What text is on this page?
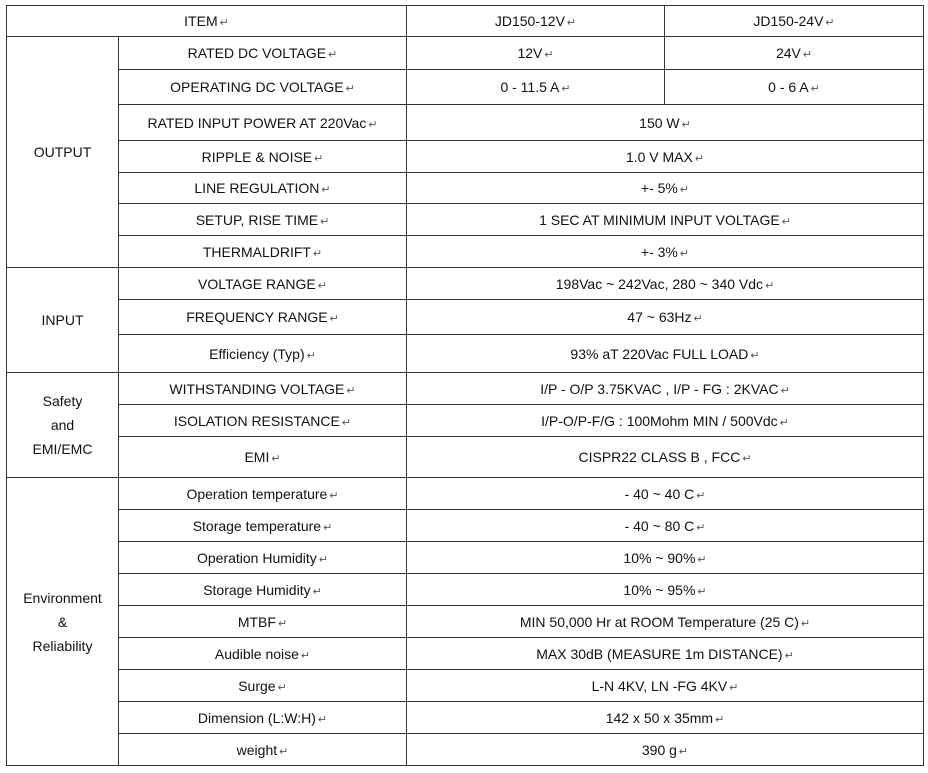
ITEM ↵		JD150-12V ↵	JD150-24V ↵

OUTPUT	RATED DC VOLTAGE ↵	12V ↵	24V ↵
	OPERATING DC VOLTAGE ↵	0 - 11.5 A ↵	0 - 6 A ↵
	RATED INPUT POWER AT 220Vac ↵	150 W ↵	
	RIPPLE & NOISE ↵	1.0 V MAX ↵	
	LINE REGULATION ↵	+- 5% ↵	
	SETUP, RISE TIME ↵	1 SEC AT MINIMUM INPUT VOLTAGE ↵	
	THERMALDRIFT ↵	+- 3% ↵	

INPUT	VOLTAGE RANGE ↵	198Vac ~ 242Vac, 280 ~ 340 Vdc ↵	
	FREQUENCY RANGE ↵	47 ~ 63Hz ↵	
	Efficiency (Typ) ↵	93% aT 220Vac FULL LOAD ↵	

Safety
and
EMI/EMC	WITHSTANDING VOLTAGE ↵	I/P - O/P 3.75KVAC , I/P - FG : 2KVAC ↵	
	ISOLATION RESISTANCE ↵	I/P-O/P-F/G : 100Mohm MIN / 500Vdc ↵	
	EMI ↵	CISPR22 CLASS B , FCC ↵	

Environment
&
Reliability	Operation temperature ↵	- 40 ~ 40 C ↵	
	Storage temperature ↵	- 40 ~ 80 C ↵	
	Operation Humidity ↵	10% ~ 90% ↵	
	Storage Humidity ↵	10% ~ 95% ↵	
	MTBF ↵	MIN 50,000 Hr at ROOM Temperature (25 C) ↵	
	Audible noise ↵	MAX 30dB (MEASURE 1m DISTANCE) ↵	
	Surge ↵	L-N 4KV, LN -FG 4KV ↵	
	Dimension (L:W:H) ↵	142 x 50 x 35mm ↵	
	weight ↵	390 g ↵	
